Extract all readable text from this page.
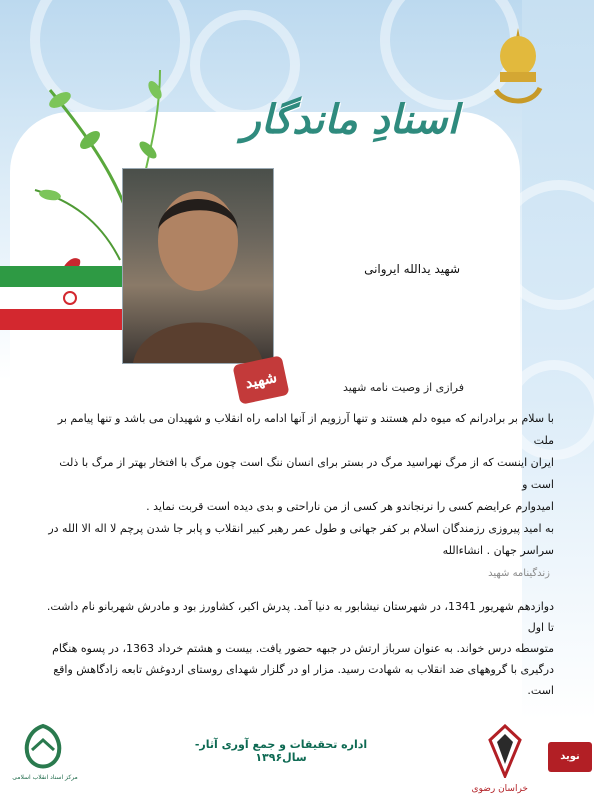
اسنادِ ماندگار
شهید
شهید یدالله ایروانی
فرازی از وصیت نامه شهید
با سلام بر برادرانم که میوه دلم هستند و تنها آرزویم از آنها ادامه راه انقلاب و شهیدان می باشد و تنها پیامم بر ملت
ایران اینست که از مرگ نهراسید مرگ در بستر برای انسان ننگ است چون مرگ با افتخار بهتر از مرگ با ذلت است و
امیدوارم عرایضم کسی را نرنجاندو هر کسی از من ناراحتی و بدی دیده است قربت نماید .
به امید پیروزی رزمندگان اسلام بر کفر جهانی و طول عمر رهبر کبیر انقلاب و پابر جا شدن پرچم لا اله الا الله در
سراسر جهان . انشاءالله
زندگینامه شهید
دوازدهم شهریور 1341، در شهرستان نیشابور به دنیا آمد. پدرش اکبر، کشاورز بود و مادرش شهربانو نام داشت. تا اول
متوسطه درس خواند. به عنوان سرباز ارتش در جبهه حضور یافت. بیست و هشتم خرداد 1363، در پسوه هنگام
درگیری با گروههای ضد انقلاب به شهادت رسید. مزار او در گلزار شهدای روستای اردوغش تابعه زادگاهش واقع است.
مرکز اسناد انقلاب اسلامی
اداره تحقیقات و جمع آوری آثار- سال۱۳۹۶	نوید شاهد
خراسان رضوی
